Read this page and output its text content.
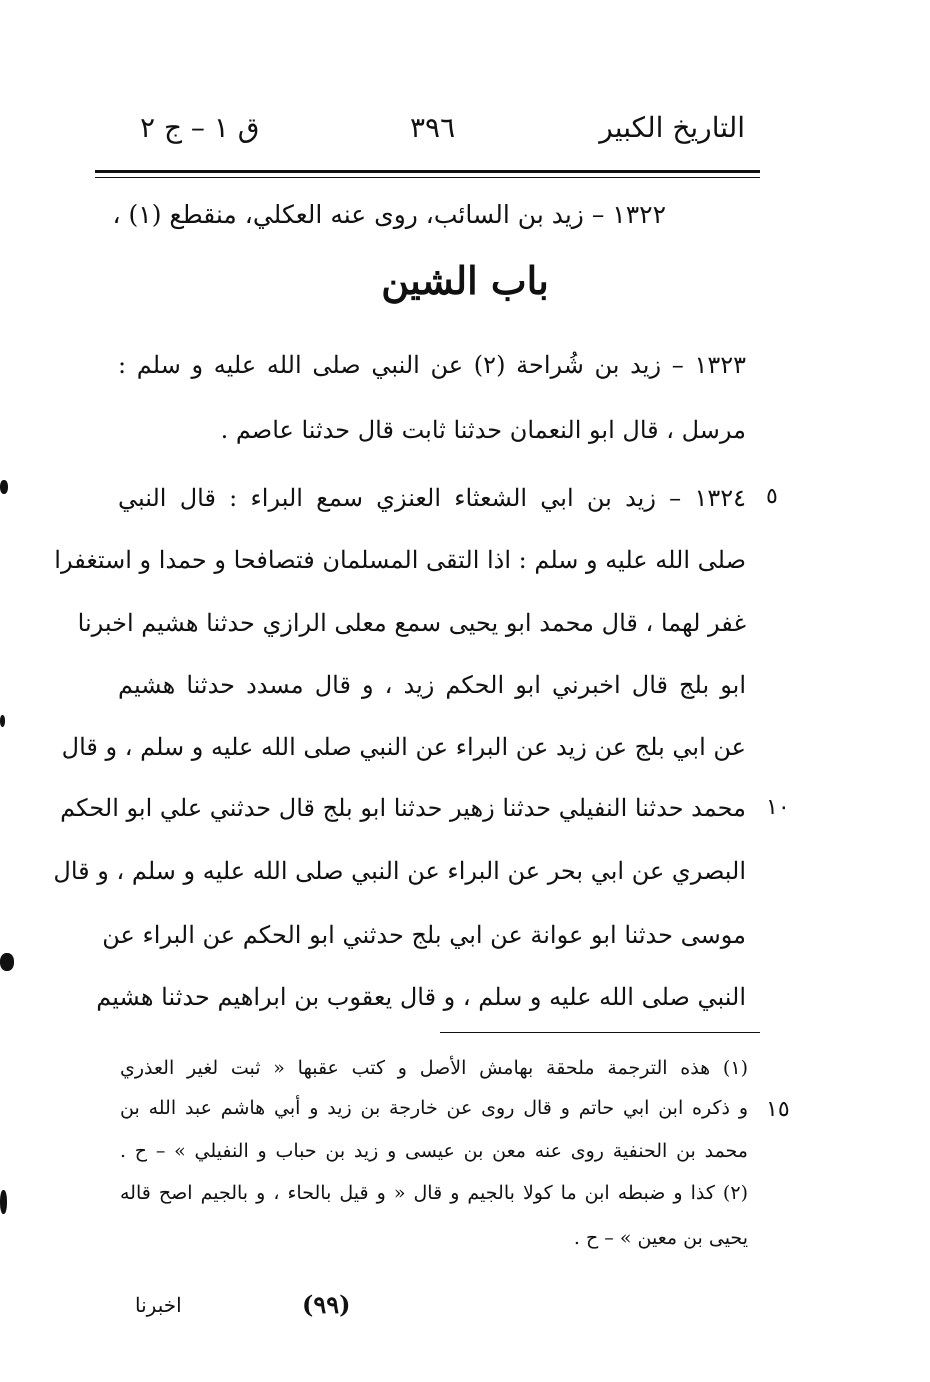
التاريخ الكبير
٣٩٦
ق ١ – ج ٢
١٣٢٢ – زيد بن السائب، روى عنه العكلي، منقطع (١) ،
باب الشين
١٣٢٣ – زيد بن شُراحة (٢) عن النبي صلى الله عليه و سلم :
مرسل ، قال ابو النعمان حدثنا ثابت قال حدثنا عاصم .
١٣٢٤ – زيد بن ابي الشعثاء العنزي سمع البراء : قال النبي
صلى الله عليه و سلم : اذا التقى المسلمان فتصافحا و حمدا و استغفرا
غفر لهما ، قال محمد ابو يحيى سمع معلى الرازي حدثنا هشيم اخبرنا
ابو بلج قال اخبرني ابو الحكم زيد ، و قال مسدد حدثنا هشيم
عن ابي بلج عن زيد عن البراء عن النبي صلى الله عليه و سلم ، و قال
محمد حدثنا النفيلي حدثنا زهير حدثنا ابو بلج قال حدثني علي ابو الحكم
البصري عن ابي بحر عن البراء عن النبي صلى الله عليه و سلم ، و قال
موسى حدثنا ابو عوانة عن ابي بلج حدثني ابو الحكم عن البراء عن
النبي صلى الله عليه و سلم ، و قال يعقوب بن ابراهيم حدثنا هشيم
٥
١٠
١٥
(١) هذه الترجمة ملحقة بهامش الأصل و كتب عقبها « ثبت لغير العذري
و ذكره ابن ابي حاتم و قال روى عن خارجة بن زيد و أبي هاشم عبد الله بن
محمد بن الحنفية روى عنه معن بن عيسى و زيد بن حباب و النفيلي » – ح .
(٢) كذا و ضبطه ابن ما كولا بالجيم و قال « و قيل بالحاء ، و بالجيم اصح قاله
يحيى بن معين » – ح .
(٩٩)
اخبرنا
